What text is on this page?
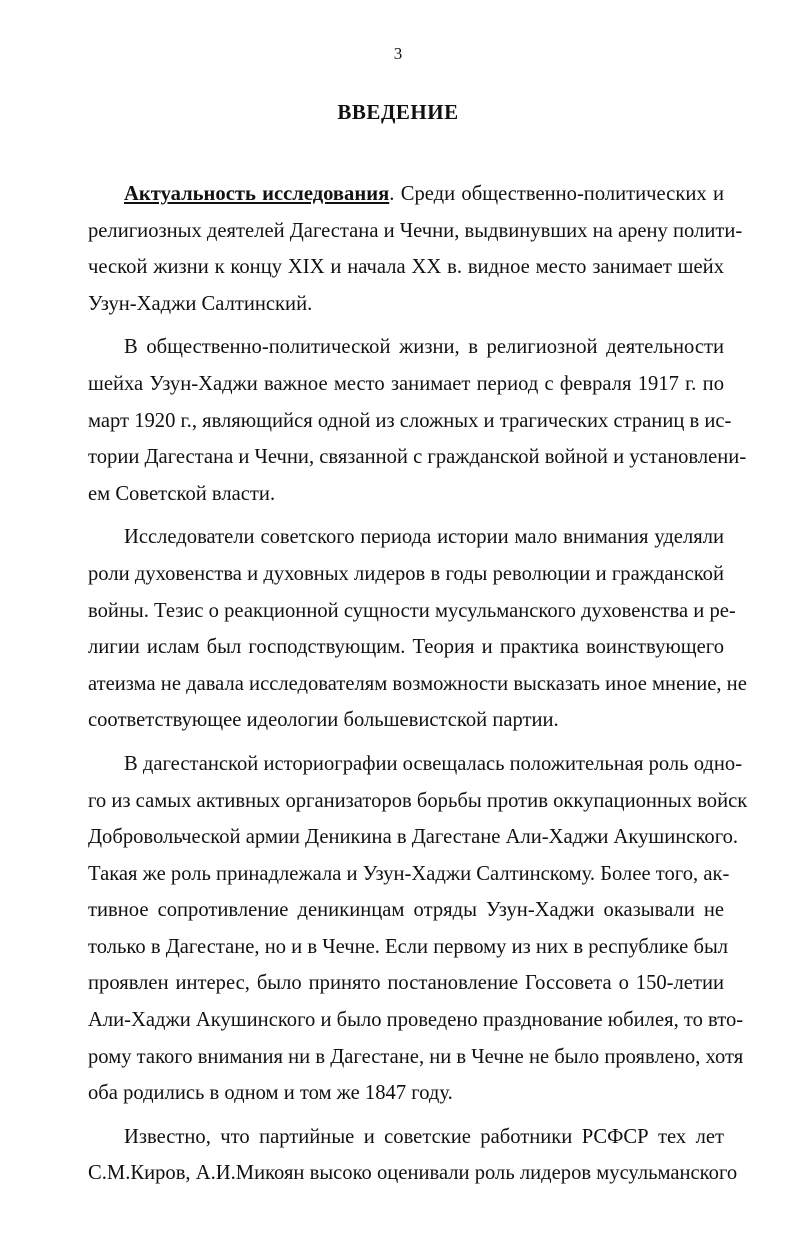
3
ВВЕДЕНИЕ
Актуальность исследования. Среди общественно-политических и
религиозных деятелей Дагестана и Чечни, выдвинувших на арену полити-
ческой жизни к концу XIX и начала XX в. видное место занимает шейх
Узун-Хаджи Салтинский.
В общественно-политической жизни, в религиозной деятельности
шейха Узун-Хаджи важное место занимает период с февраля 1917 г. по
март 1920 г., являющийся одной из сложных и трагических страниц в ис-
тории Дагестана и Чечни, связанной с гражданской войной и установлени-
ем Советской власти.
Исследователи советского периода истории мало внимания уделяли
роли духовенства и духовных лидеров в годы революции и гражданской
войны. Тезис о реакционной сущности мусульманского духовенства и ре-
лигии ислам был господствующим. Теория и практика воинствующего
атеизма не давала исследователям возможности высказать иное мнение, не
соответствующее идеологии большевистской партии.
В дагестанской историографии освещалась положительная роль одно-
го из самых активных организаторов борьбы против оккупационных войск
Добровольческой армии Деникина в Дагестане Али-Хаджи Акушинского.
Такая же роль принадлежала и Узун-Хаджи Салтинскому. Более того, ак-
тивное сопротивление деникинцам отряды Узун-Хаджи оказывали не
только в Дагестане, но и в Чечне. Если первому из них в республике был
проявлен интерес, было принято постановление Госсовета о 150-летии
Али-Хаджи Акушинского и было проведено празднование юбилея, то вто-
рому такого внимания ни в Дагестане, ни в Чечне не было проявлено, хотя
оба родились в одном и том же 1847 году.
Известно, что партийные и советские работники РСФСР тех лет
С.М.Киров, А.И.Микоян высоко оценивали роль лидеров мусульманского
